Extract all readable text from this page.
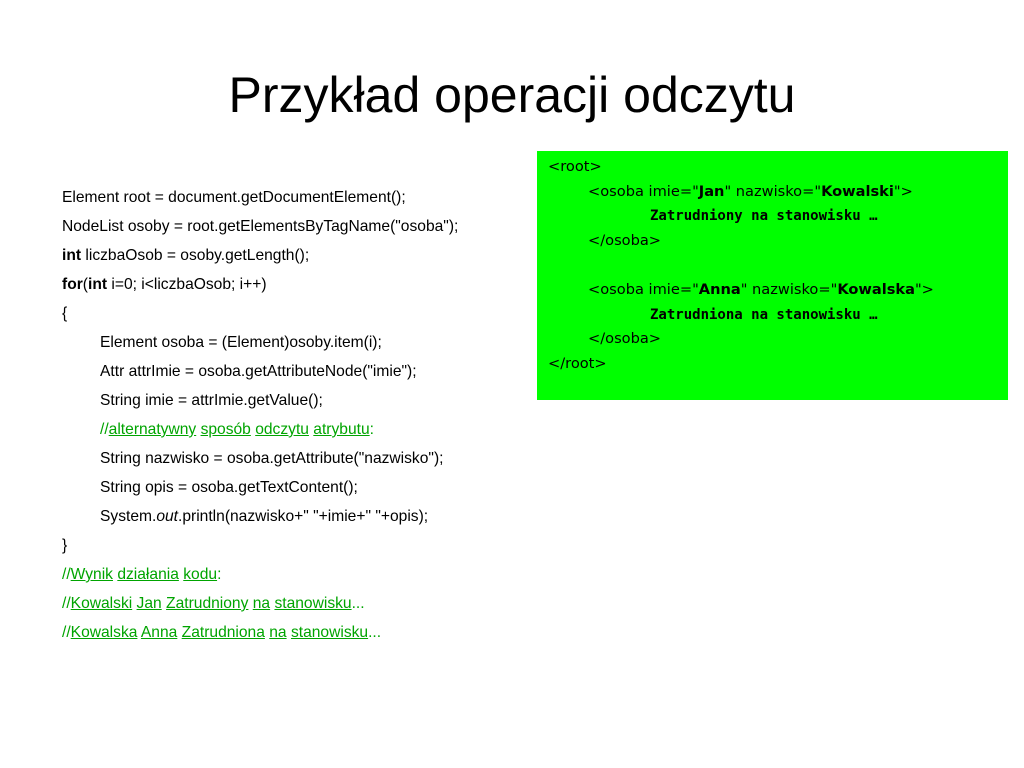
Przykład operacji odczytu
Element root = document.getDocumentElement();
NodeList osoby = root.getElementsByTagName("osoba");
int liczbaOsob = osoby.getLength();
for(int i=0; i<liczbaOsob; i++)
{
Element osoba = (Element)osoby.item(i);
Attr attrImie = osoba.getAttributeNode("imie");
String imie = attrImie.getValue();
//alternatywny sposób odczytu atrybutu:
String nazwisko = osoba.getAttribute("nazwisko");
String opis = osoba.getTextContent();
System.out.println(nazwisko+" "+imie+" "+opis);
}
//Wynik działania kodu:
//Kowalski Jan Zatrudniony na stanowisku...
//Kowalska Anna Zatrudniona na stanowisku...
<root>
<osoba imie="Jan" nazwisko="Kowalski">
Zatrudniony na stanowisku …
</osoba>
<osoba imie="Anna" nazwisko="Kowalska">
Zatrudniona na stanowisku …
</osoba>
</root>
